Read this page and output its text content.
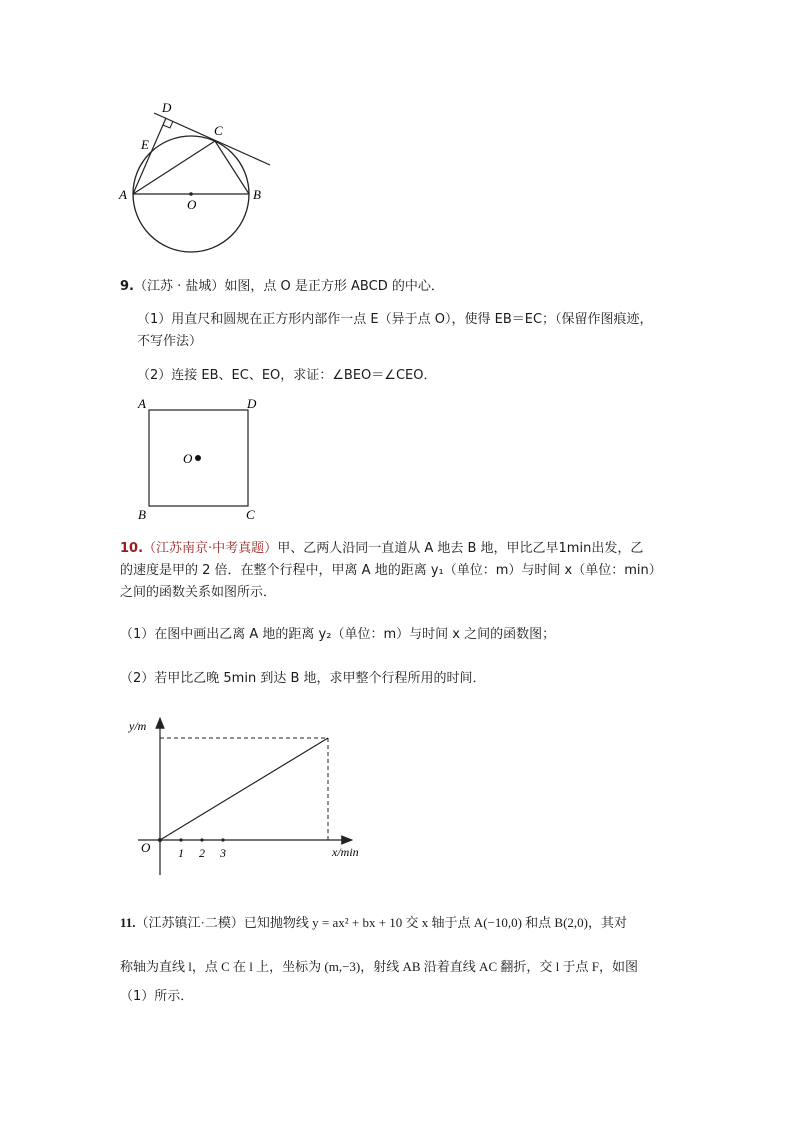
D
E
C
A
O
B
9.（江苏 · 盐城）如图，点 O 是正方形 ABCD 的中心．
（1）用直尺和圆规在正方形内部作一点 E（异于点 O），使得 EB＝EC；（保留作图痕迹，
不写作法）
（2）连接 EB、EC、EO，求证：∠BEO＝∠CEO．
A	D
B	C
O
10.（江苏南京·中考真题）甲、乙两人沿同一直道从 A 地去 B 地，甲比乙早1min出发，乙
的速度是甲的 2 倍．在整个行程中，甲离 A 地的距离 y₁（单位：m）与时间 x（单位：min）
之间的函数关系如图所示．
（1）在图中画出乙离 A 地的距离 y₂（单位：m）与时间 x 之间的函数图；
（2）若甲比乙晚 5min 到达 B 地，求甲整个行程所用的时间．
1 2 3
y/m
x/min
O
11.（江苏镇江·二模）已知抛物线 y = ax² + bx + 10 交 x 轴于点 A(−10,0) 和点 B(2,0)，其对
称轴为直线 l，点 C 在 l 上，坐标为 (m,−3)，射线 AB 沿着直线 AC 翻折，交 l 于点 F，如图
（1）所示．
